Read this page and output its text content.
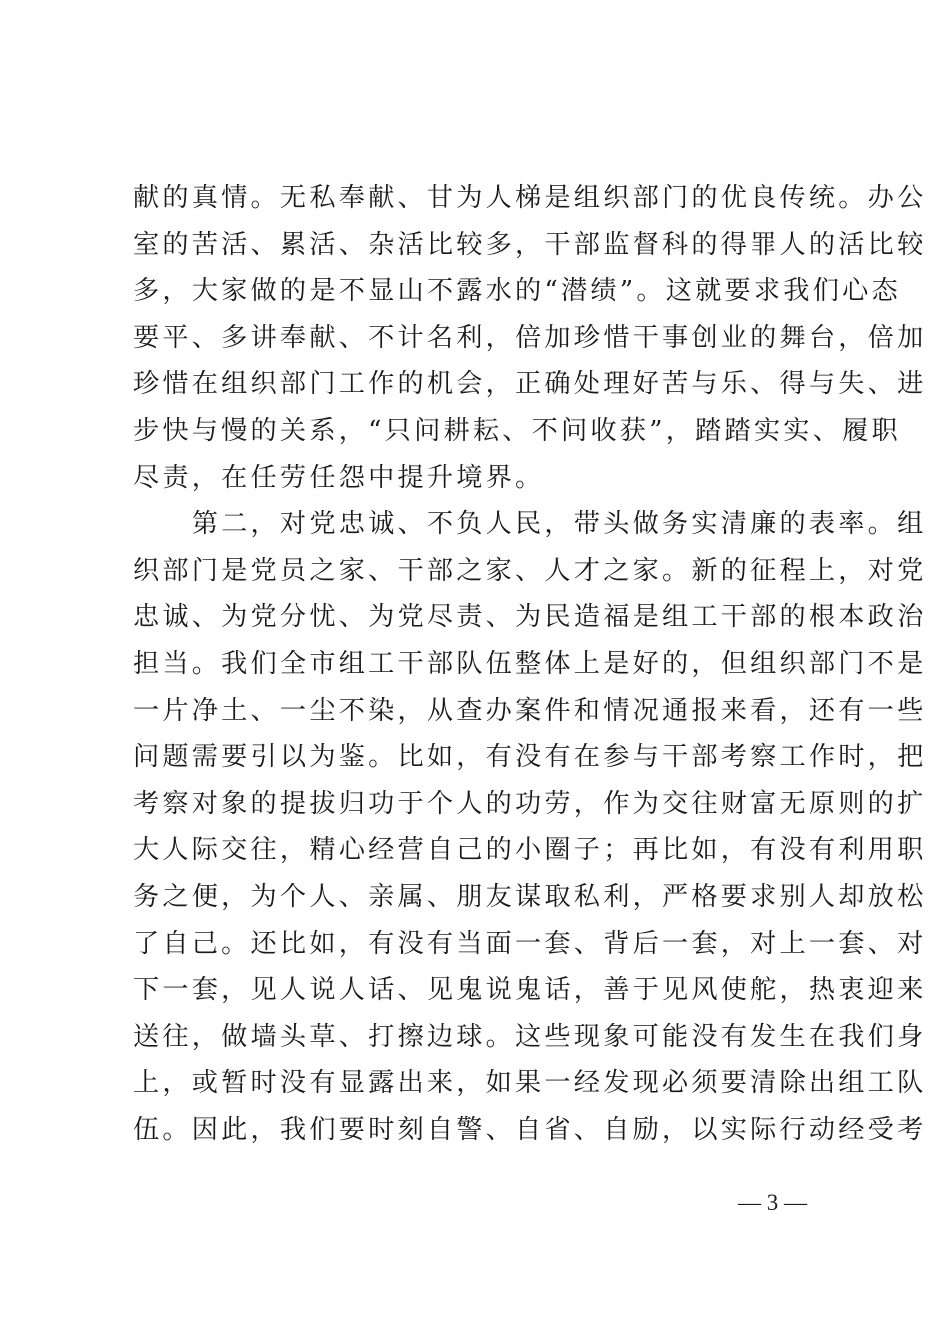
献的真情。无私奉献、甘为人梯是组织部门的优良传统。办公
室的苦活、累活、杂活比较多，干部监督科的得罪人的活比较
多，大家做的是不显山不露水的“潜绩”。这就要求我们心态
要平、多讲奉献、不计名利，倍加珍惜干事创业的舞台，倍加
珍惜在组织部门工作的机会，正确处理好苦与乐、得与失、进
步快与慢的关系，“只问耕耘、不问收获”，踏踏实实、履职
尽责，在任劳任怨中提升境界。

　　第二，对党忠诚、不负人民，带头做务实清廉的表率。组
织部门是党员之家、干部之家、人才之家。新的征程上，对党
忠诚、为党分忧、为党尽责、为民造福是组工干部的根本政治
担当。我们全市组工干部队伍整体上是好的，但组织部门不是
一片净土、一尘不染，从查办案件和情况通报来看，还有一些
问题需要引以为鉴。比如，有没有在参与干部考察工作时，把
考察对象的提拔归功于个人的功劳，作为交往财富无原则的扩
大人际交往，精心经营自己的小圈子；再比如，有没有利用职
务之便，为个人、亲属、朋友谋取私利，严格要求别人却放松
了自己。还比如，有没有当面一套、背后一套，对上一套、对
下一套，见人说人话、见鬼说鬼话，善于见风使舵，热衷迎来
送往，做墙头草、打擦边球。这些现象可能没有发生在我们身
上，或暂时没有显露出来，如果一经发现必须要清除出组工队
伍。因此，我们要时刻自警、自省、自励，以实际行动经受考

— 3 —
